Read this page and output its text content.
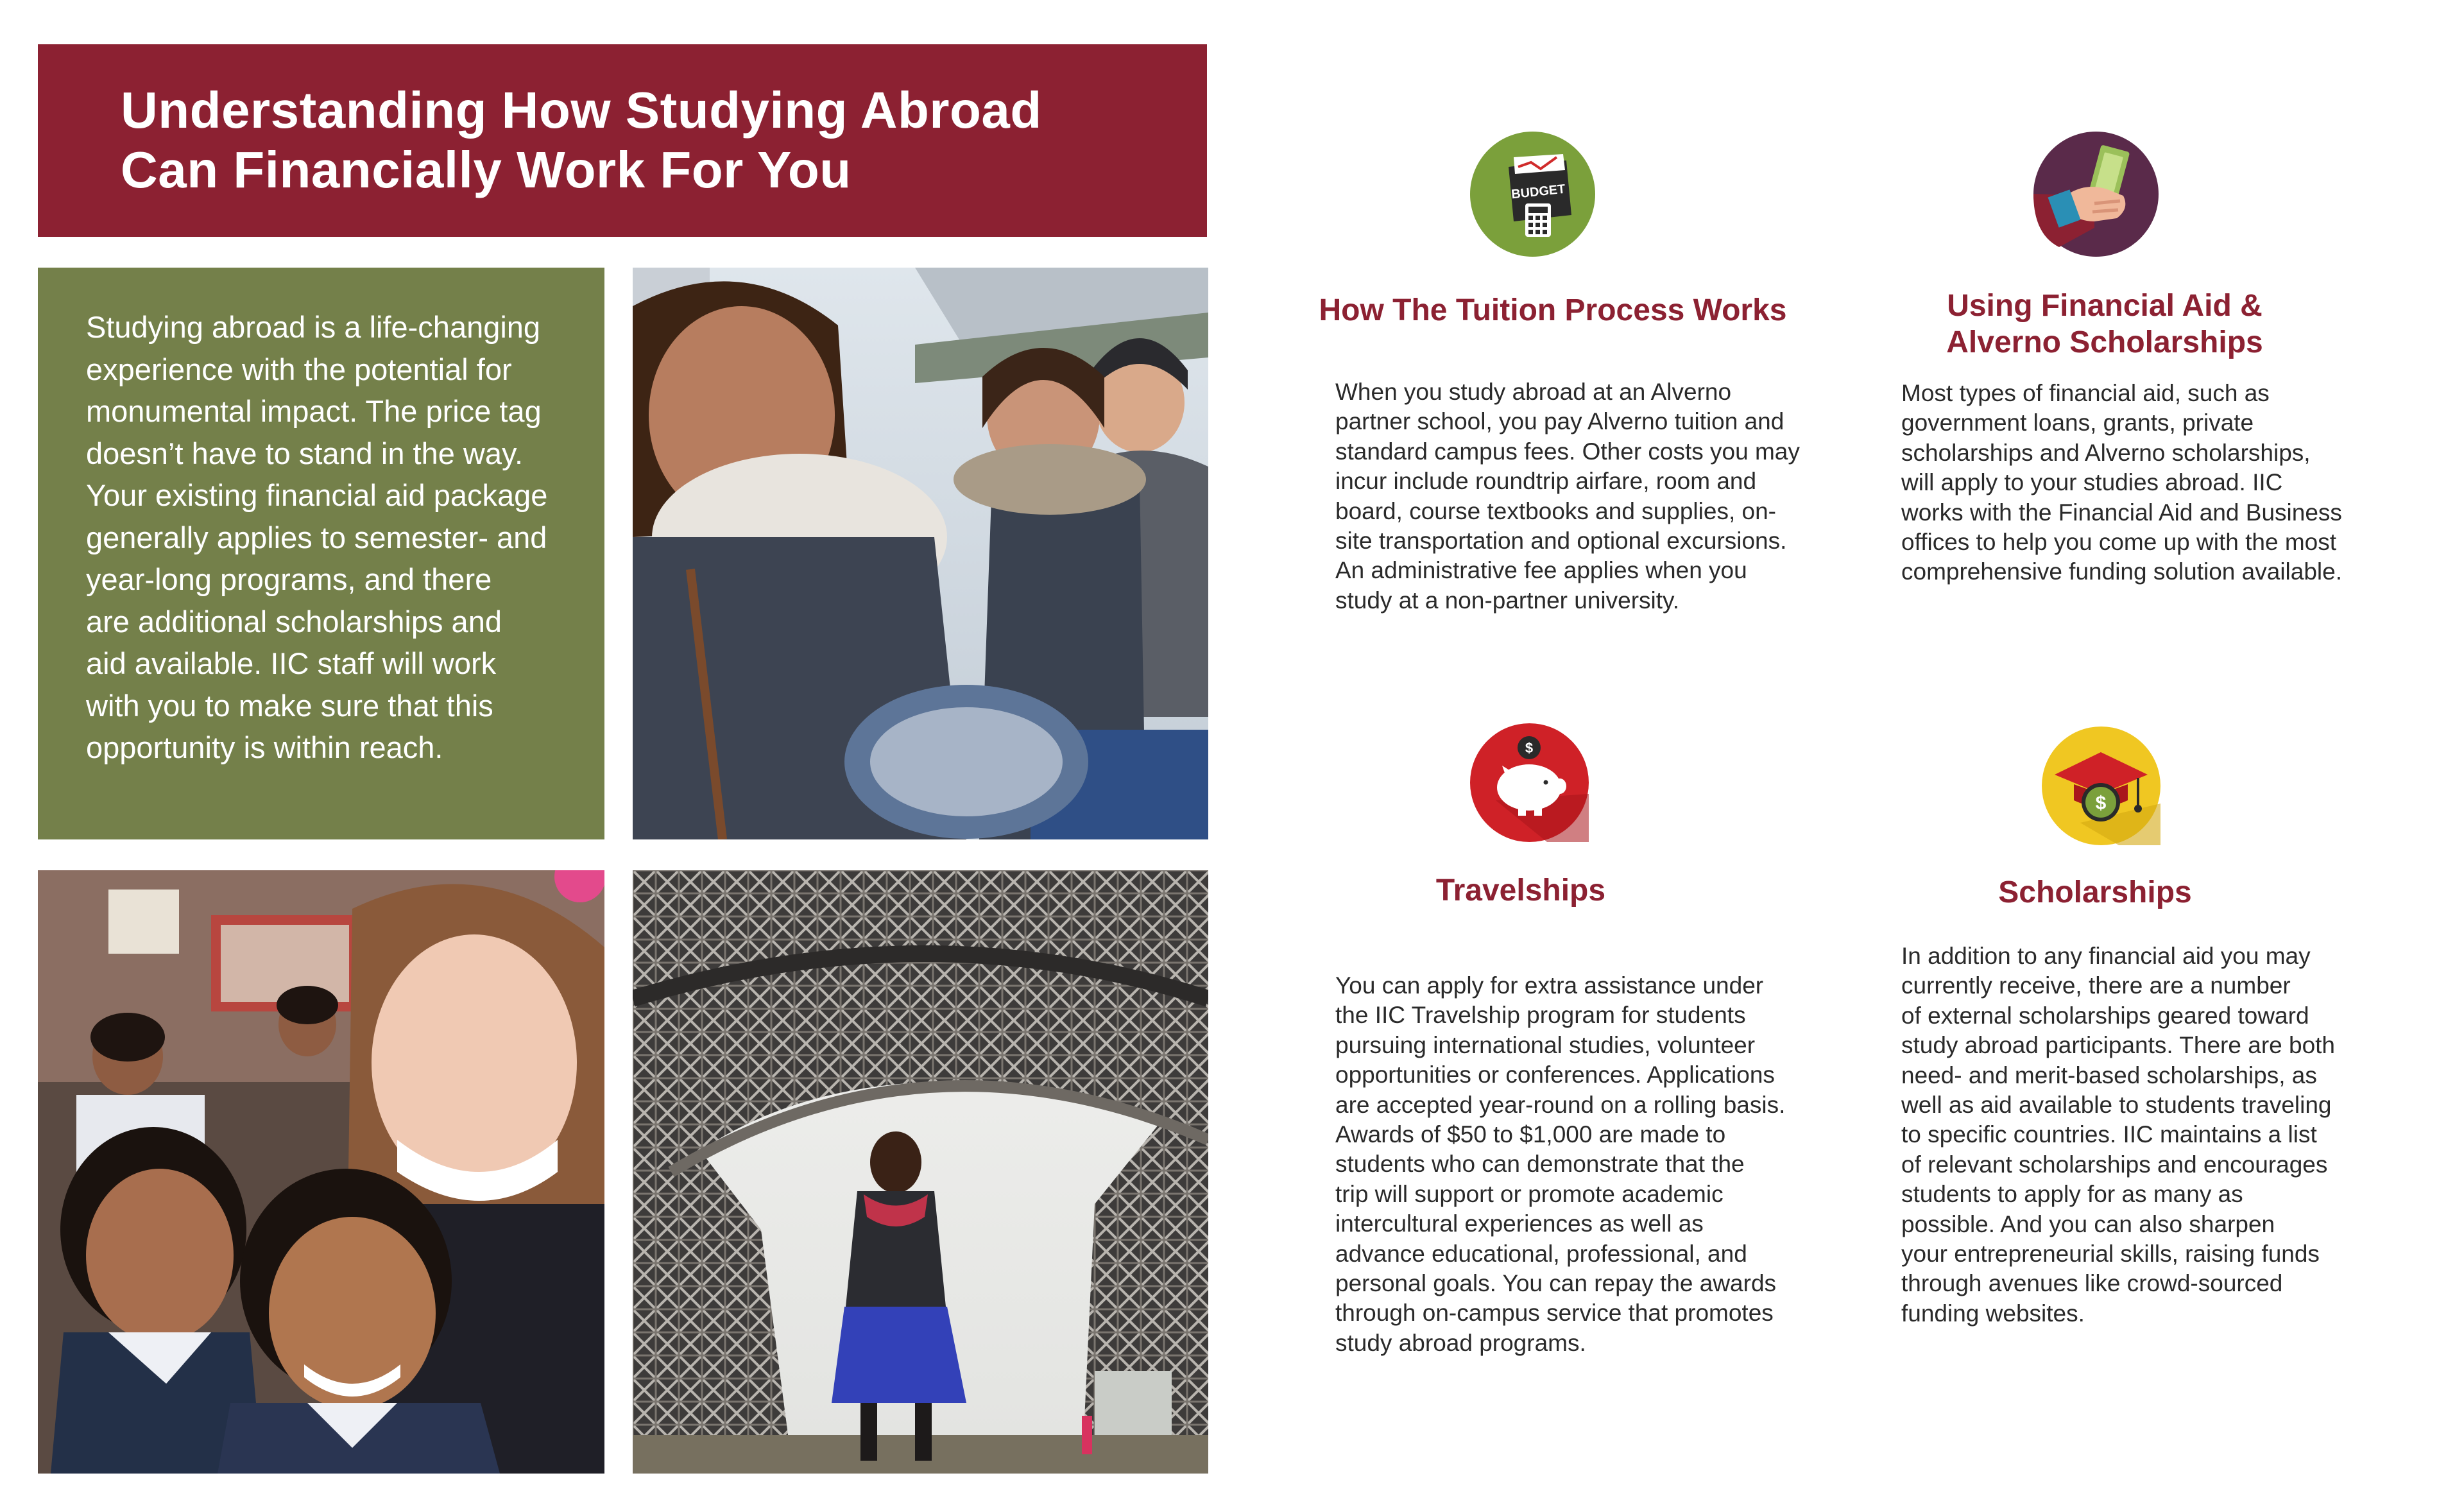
Understanding How Studying Abroad
Can Financially Work For You

Studying abroad is a life-changing
experience with the potential for
monumental impact. The price tag
doesn’t have to stand in the way.
Your existing financial aid package
generally applies to semester- and
year-long programs, and there
are additional scholarships and
aid available. IIC staff will work
with you to make sure that this
opportunity is within reach.

BUDGET
How The Tuition Process Works

When you study abroad at an Alverno
partner school, you pay Alverno tuition and
standard campus fees. Other costs you may
incur include roundtrip airfare, room and
board, course textbooks and supplies, on-
site transportation and optional excursions.
An administrative fee applies when you
study at a non-partner university.

Using Financial Aid &
Alverno Scholarships

Most types of financial aid, such as
government loans, grants, private
scholarships and Alverno scholarships,
will apply to your studies abroad. IIC
works with the Financial Aid and Business
offices to help you come up with the most
comprehensive funding solution available.

$
Travelships

You can apply for extra assistance under
the IIC Travelship program for students
pursuing international studies, volunteer
opportunities or conferences. Applications
are accepted year-round on a rolling basis.
Awards of $50 to $1,000 are made to
students who can demonstrate that the
trip will support or promote academic
intercultural experiences as well as
advance educational, professional, and
personal goals. You can repay the awards
through on-campus service that promotes
study abroad programs.

$
Scholarships

In addition to any financial aid you may
currently receive, there are a number
of external scholarships geared toward
study abroad participants. There are both
need- and merit-based scholarships, as
well as aid available to students traveling
to specific countries. IIC maintains a list
of relevant scholarships and encourages
students to apply for as many as
possible. And you can also sharpen
your entrepreneurial skills, raising funds
through avenues like crowd-sourced
funding websites.
